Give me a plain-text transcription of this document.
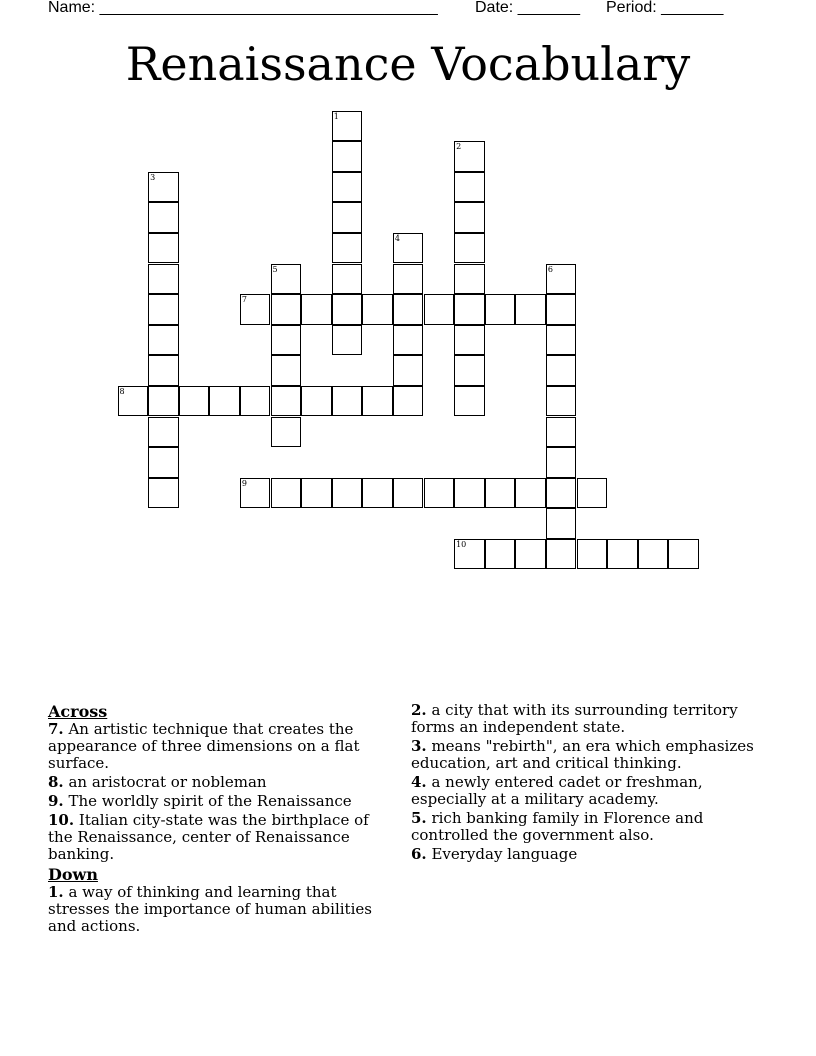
Name: ______________________________________ Date: _______ Period: _______
Renaissance Vocabulary
1
2
3
4
5	6
7
8
9
10
Across
7. An artistic technique that creates the appearance of three dimensions on a flat surface.
8. an aristocrat or nobleman
9. The worldly spirit of the Renaissance
10. Italian city-state was the birthplace of the Renaissance, center of Renaissance banking.
Down
1. a way of thinking and learning that stresses the importance of human abilities and actions.
2. a city that with its surrounding territory forms an independent state.
3. means "rebirth", an era which emphasizes education, art and critical thinking.
4. a newly entered cadet or freshman, especially at a military academy.
5. rich banking family in Florence and controlled the government also.
6. Everyday language
